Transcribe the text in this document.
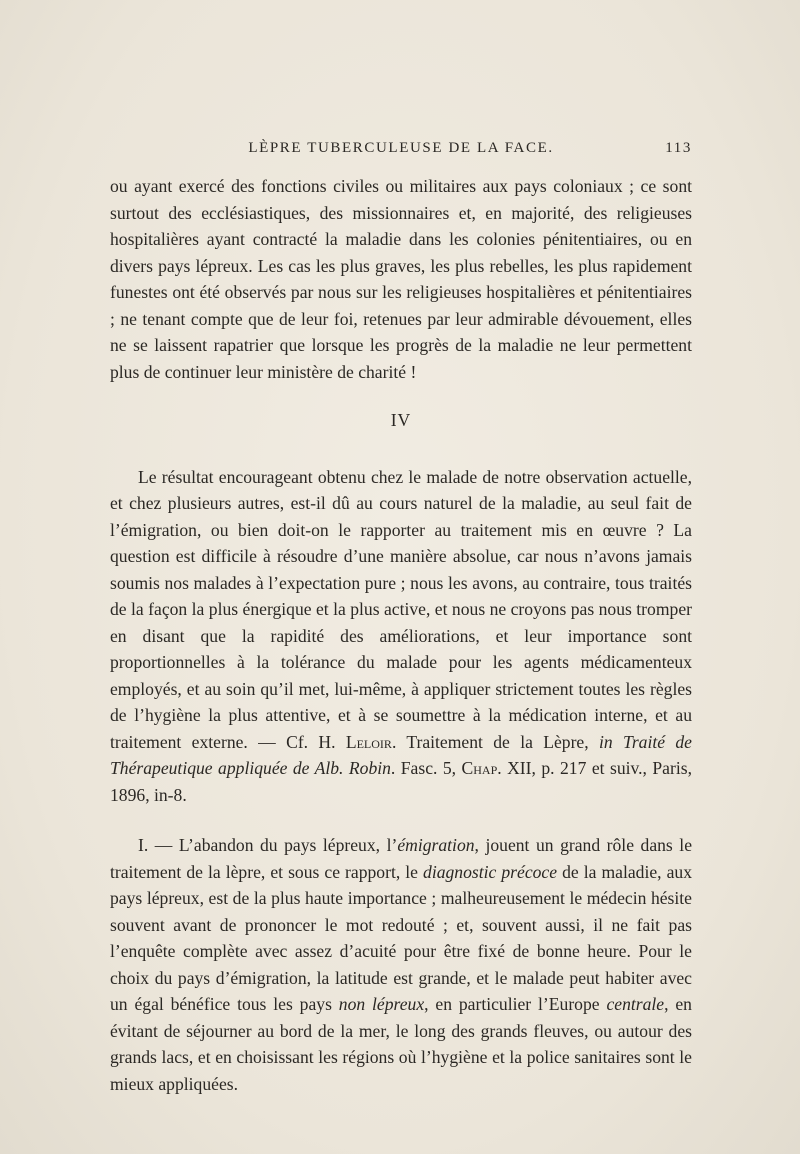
LÈPRE TUBERCULEUSE DE LA FACE.	113

ou ayant exercé des fonctions civiles ou militaires aux pays coloniaux ; ce sont surtout des ecclésiastiques, des missionnaires et, en majorité, des religieuses hospitalières ayant contracté la maladie dans les colonies pénitentiaires, ou en divers pays lépreux. Les cas les plus graves, les plus rebelles, les plus rapidement funestes ont été observés par nous sur les religieuses hospitalières et pénitentiaires ; ne tenant compte que de leur foi, retenues par leur admirable dévouement, elles ne se laissent rapatrier que lorsque les progrès de la maladie ne leur permettent plus de continuer leur ministère de charité !

IV

Le résultat encourageant obtenu chez le malade de notre observation actuelle, et chez plusieurs autres, est-il dû au cours naturel de la maladie, au seul fait de l’émigration, ou bien doit-on le rapporter au traitement mis en œuvre ? La question est difficile à résoudre d’une manière absolue, car nous n’avons jamais soumis nos malades à l’expectation pure ; nous les avons, au contraire, tous traités de la façon la plus énergique et la plus active, et nous ne croyons pas nous tromper en disant que la rapidité des améliorations, et leur importance sont proportionnelles à la tolérance du malade pour les agents médicamenteux employés, et au soin qu’il met, lui-même, à appliquer strictement toutes les règles de l’hygiène la plus attentive, et à se soumettre à la médication interne, et au traitement externe. — Cf. H. Leloir. Traitement de la Lèpre, in Traité de Thérapeutique appliquée de Alb. Robin. Fasc. 5, Chap. XII, p. 217 et suiv., Paris, 1896, in-8.

I. — L’abandon du pays lépreux, l’émigration, jouent un grand rôle dans le traitement de la lèpre, et sous ce rapport, le diagnostic précoce de la maladie, aux pays lépreux, est de la plus haute importance ; malheureusement le médecin hésite souvent avant de prononcer le mot redouté ; et, souvent aussi, il ne fait pas l’enquête complète avec assez d’acuité pour être fixé de bonne heure. Pour le choix du pays d’émigration, la latitude est grande, et le malade peut habiter avec un égal bénéfice tous les pays non lépreux, en particulier l’Europe centrale, en évitant de séjourner au bord de la mer, le long des grands fleuves, ou autour des grands lacs, et en choisissant les régions où l’hygiène et la police sanitaires sont le mieux appliquées.
